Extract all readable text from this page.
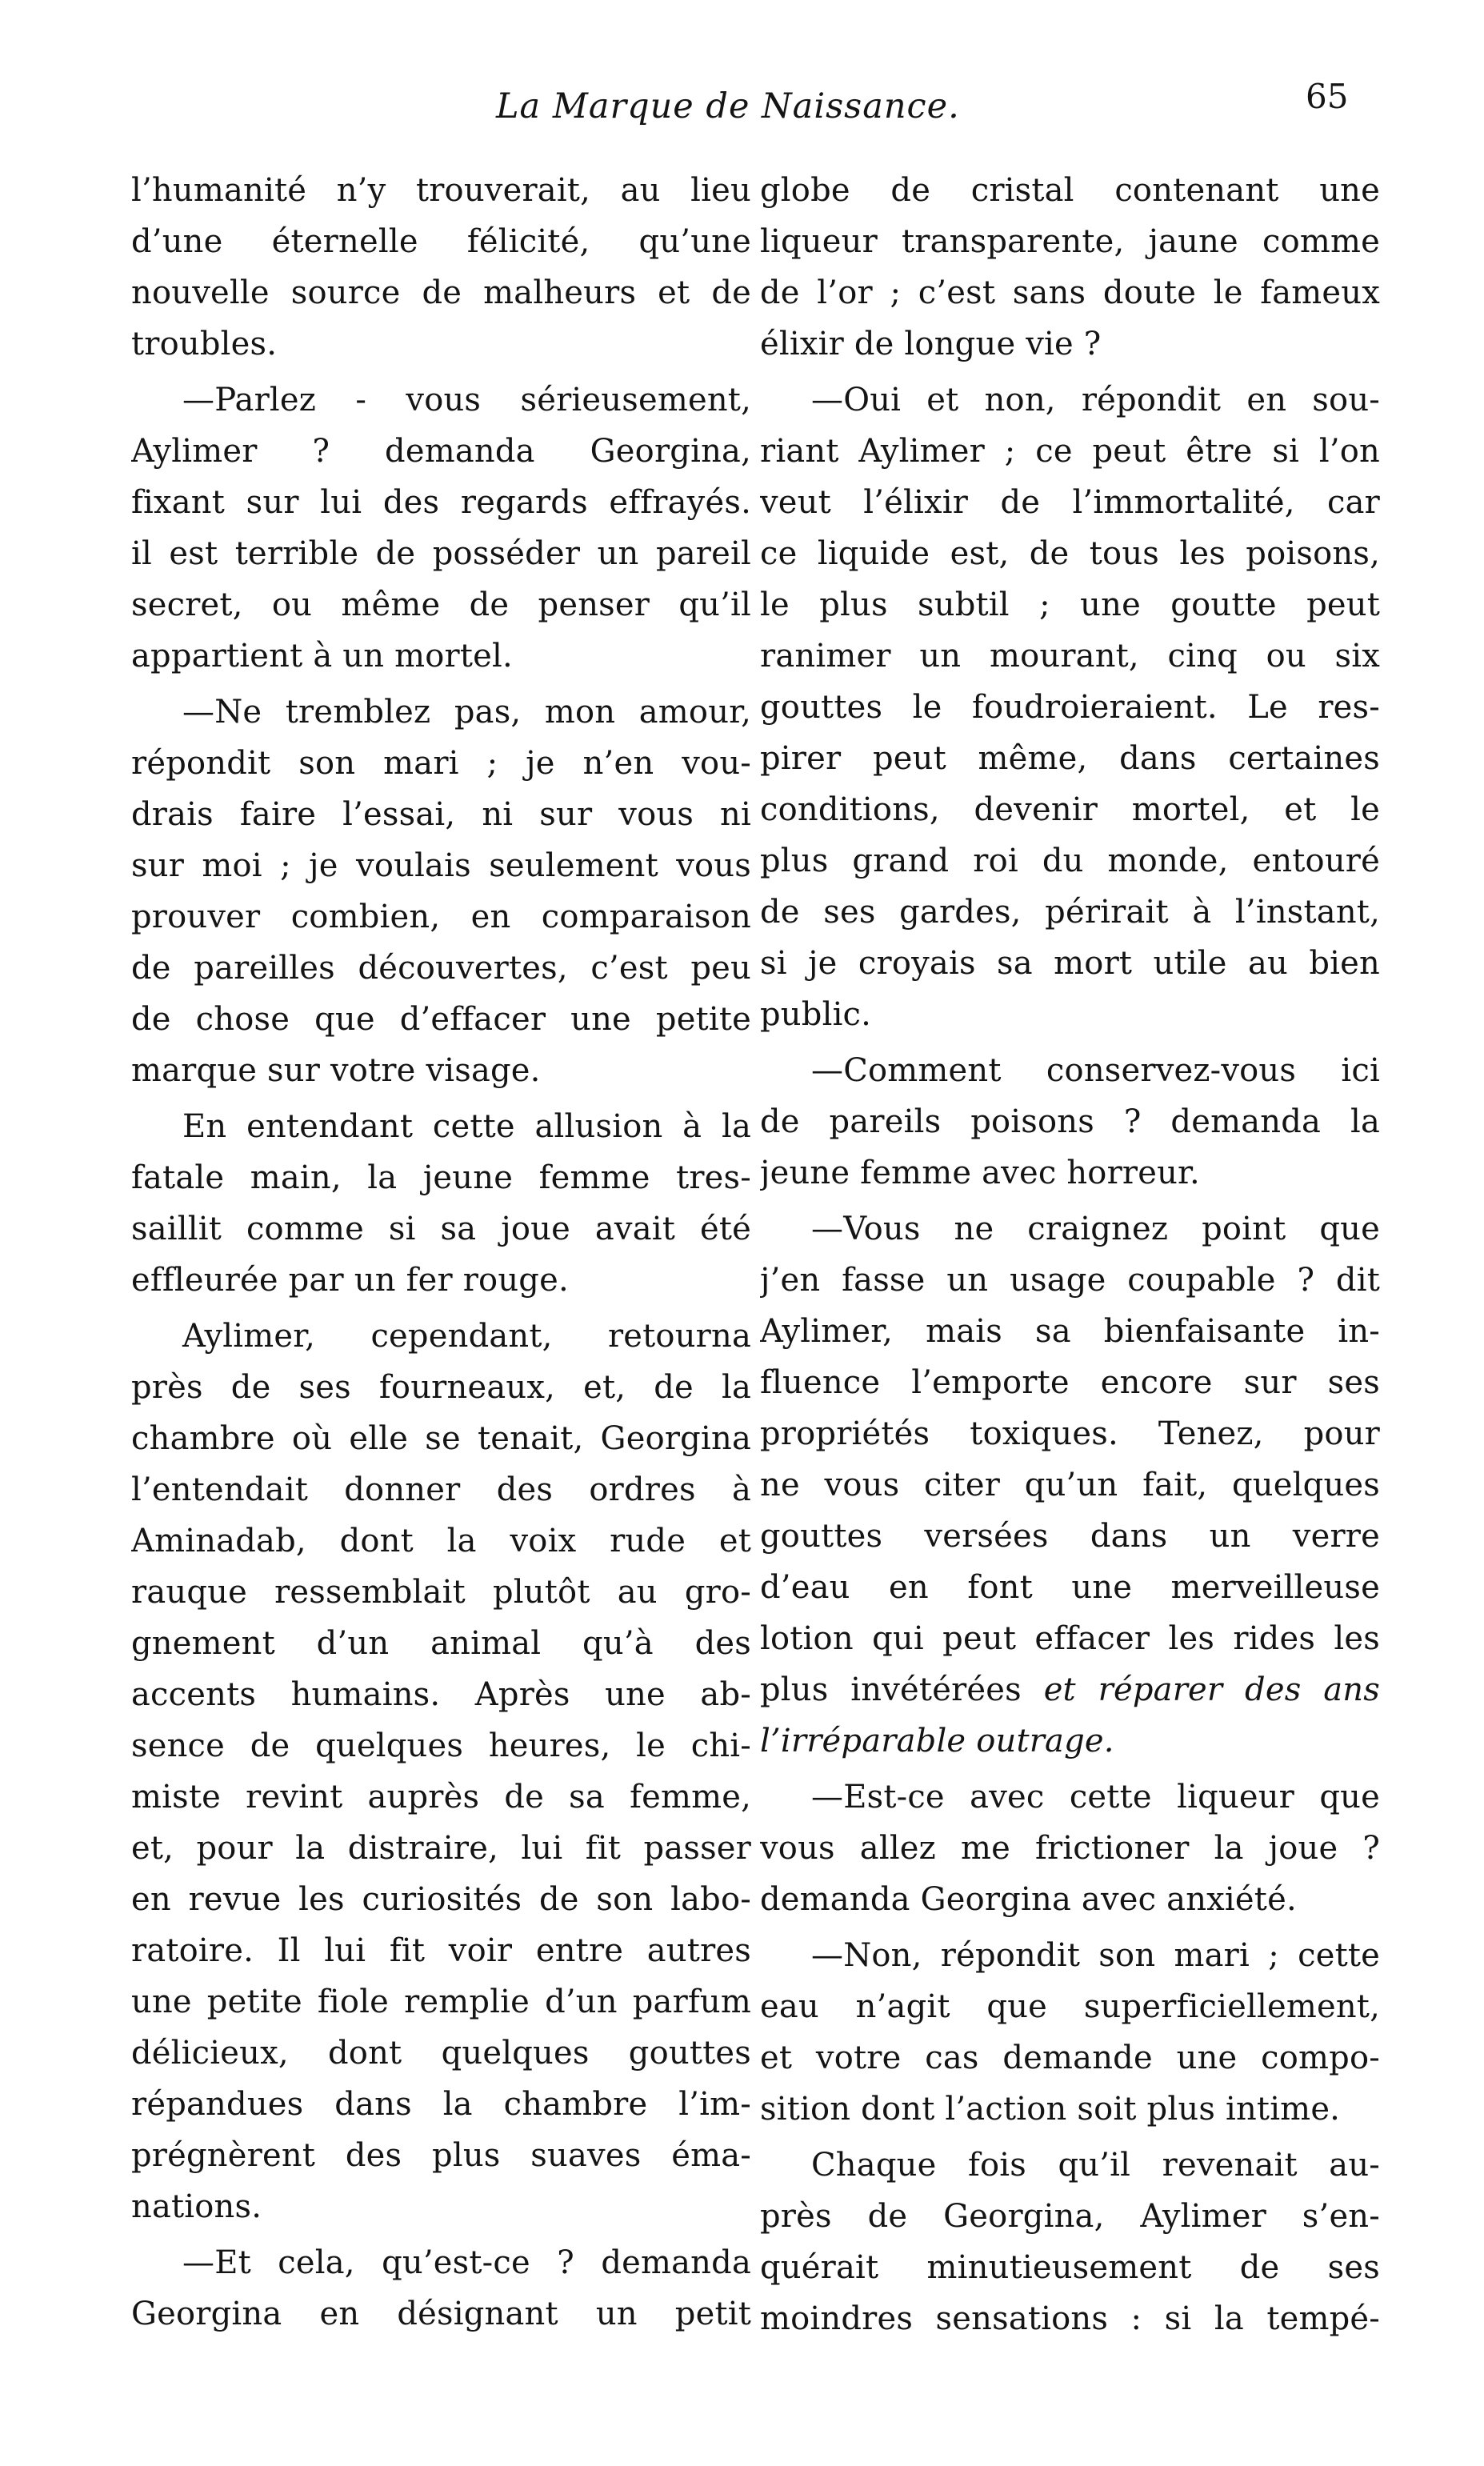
La Marque de Naissance.	65
l’humanité n’y trouverait, au lieu
d’une éternelle félicité, qu’une
nouvelle source de malheurs et de
troubles.
—Parlez - vous sérieusement,
Aylimer ? demanda Georgina,
fixant sur lui des regards effrayés.
il est terrible de posséder un pareil
secret, ou même de penser qu’il
appartient à un mortel.
—Ne tremblez pas, mon amour,
répondit son mari ; je n’en vou-
drais faire l’essai, ni sur vous ni
sur moi ; je voulais seulement vous
prouver combien, en comparaison
de pareilles découvertes, c’est peu
de chose que d’effacer une petite
marque sur votre visage.
En entendant cette allusion à la
fatale main, la jeune femme tres-
saillit comme si sa joue avait été
effleurée par un fer rouge.
Aylimer, cependant, retourna
près de ses fourneaux, et, de la
chambre où elle se tenait, Georgina
l’entendait donner des ordres à
Aminadab, dont la voix rude et
rauque ressemblait plutôt au gro-
gnement d’un animal qu’à des
accents humains. Après une ab-
sence de quelques heures, le chi-
miste revint auprès de sa femme,
et, pour la distraire, lui fit passer
en revue les curiosités de son labo-
ratoire. Il lui fit voir entre autres
une petite fiole remplie d’un parfum
délicieux, dont quelques gouttes
répandues dans la chambre l’im-
prégnèrent des plus suaves éma-
nations.
—Et cela, qu’est-ce ? demanda
Georgina en désignant un petit
globe de cristal contenant une
liqueur transparente, jaune comme
de l’or ; c’est sans doute le fameux
élixir de longue vie ?
—Oui et non, répondit en sou-
riant Aylimer ; ce peut être si l’on
veut l’élixir de l’immortalité, car
ce liquide est, de tous les poisons,
le plus subtil ; une goutte peut
ranimer un mourant, cinq ou six
gouttes le foudroieraient. Le res-
pirer peut même, dans certaines
conditions, devenir mortel, et le
plus grand roi du monde, entouré
de ses gardes, périrait à l’instant,
si je croyais sa mort utile au bien
public.
—Comment conservez-vous ici
de pareils poisons ? demanda la
jeune femme avec horreur.
—Vous ne craignez point que
j’en fasse un usage coupable ? dit
Aylimer, mais sa bienfaisante in-
fluence l’emporte encore sur ses
propriétés toxiques. Tenez, pour
ne vous citer qu’un fait, quelques
gouttes versées dans un verre
d’eau en font une merveilleuse
lotion qui peut effacer les rides les
plus invétérées et réparer des ans
l’irréparable outrage.
—Est-ce avec cette liqueur que
vous allez me frictioner la joue ?
demanda Georgina avec anxiété.
—Non, répondit son mari ; cette
eau n’agit que superficiellement,
et votre cas demande une compo-
sition dont l’action soit plus intime.
Chaque fois qu’il revenait au-
près de Georgina, Aylimer s’en-
quérait minutieusement de ses
moindres sensations : si la tempé-
